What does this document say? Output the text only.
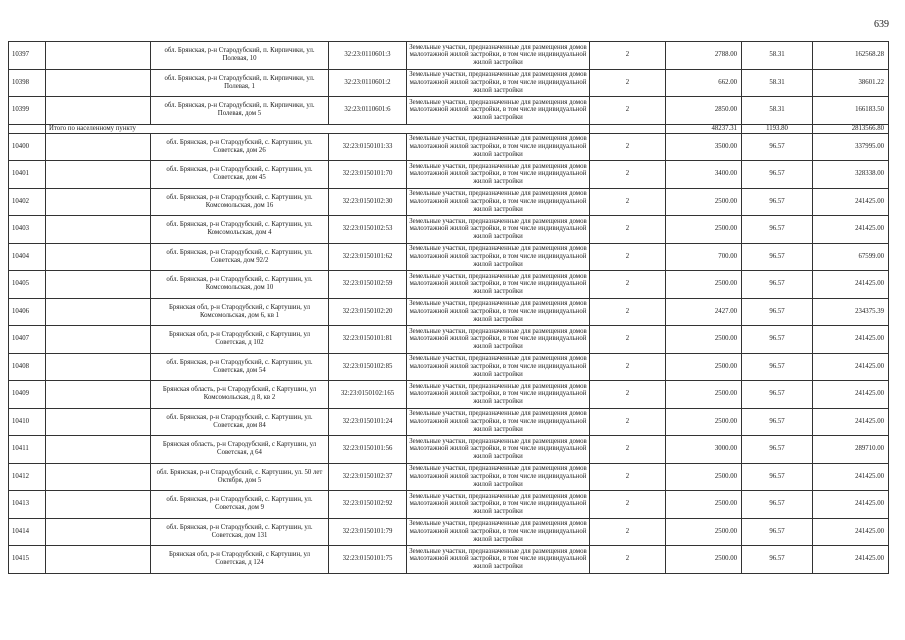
639
10397		обл. Брянская, р-н Стародубский, п. Кирпичики, ул. Полевая, 10	32:23:0110601:3	Земельные участки, предназначенные для размещения домов малоэтажной жилой застройки, в том числе индивидуальной жилой застройки	2	2788.00	58.31	162568.28
10398		обл. Брянская, р-н Стародубский, п. Кирпичики, ул. Полевая, 1	32:23:0110601:2	Земельные участки, предназначенные для размещения домов малоэтажной жилой застройки, в том числе индивидуальной жилой застройки	2	662.00	58.31	38601.22
10399		обл. Брянская, р-н Стародубский, п. Кирпичики, ул. Полевая, дом 5	32:23:0110601:6	Земельные участки, предназначенные для размещения домов малоэтажной жилой застройки, в том числе индивидуальной жилой застройки	2	2850.00	58.31	166183.50
	Итого по населенному пункту					48237.31	1193.80	2813566.80
10400		обл. Брянская, р-н Стародубский, с. Картушин, ул. Советская, дом 26	32:23:0150101:33	Земельные участки, предназначенные для размещения домов малоэтажной жилой застройки, в том числе индивидуальной жилой застройки	2	3500.00	96.57	337995.00
10401		обл. Брянская, р-н Стародубский, с. Картушин, ул. Советская, дом 45	32:23:0150101:70	Земельные участки, предназначенные для размещения домов малоэтажной жилой застройки, в том числе индивидуальной жилой застройки	2	3400.00	96.57	328338.00
10402		обл. Брянская, р-н Стародубский, с. Картушин, ул. Комсомольская, дом 16	32:23:0150102:30	Земельные участки, предназначенные для размещения домов малоэтажной жилой застройки, в том числе индивидуальной жилой застройки	2	2500.00	96.57	241425.00
10403		обл. Брянская, р-н Стародубский, с. Картушин, ул. Комсомольская, дом 4	32:23:0150102:53	Земельные участки, предназначенные для размещения домов малоэтажной жилой застройки, в том числе индивидуальной жилой застройки	2	2500.00	96.57	241425.00
10404		обл. Брянская, р-н Стародубский, с. Картушин, ул. Советская, дом 92/2	32:23:0150101:62	Земельные участки, предназначенные для размещения домов малоэтажной жилой застройки, в том числе индивидуальной жилой застройки	2	700.00	96.57	67599.00
10405		обл. Брянская, р-н Стародубский, с. Картушин, ул. Комсомольская, дом 10	32:23:0150102:59	Земельные участки, предназначенные для размещения домов малоэтажной жилой застройки, в том числе индивидуальной жилой застройки	2	2500.00	96.57	241425.00
10406		Брянская обл, р-н Стародубский, с Картушин, ул Комсомольская, дом 6, кв 1	32:23:0150102:20	Земельные участки, предназначенные для размещения домов малоэтажной жилой застройки, в том числе индивидуальной жилой застройки	2	2427.00	96.57	234375.39
10407		Брянская обл, р-н Стародубский, с Картушин, ул Советская, д 102	32:23:0150101:81	Земельные участки, предназначенные для размещения домов малоэтажной жилой застройки, в том числе индивидуальной жилой застройки	2	2500.00	96.57	241425.00
10408		обл. Брянская, р-н Стародубский, с. Картушин, ул. Советская, дом 54	32:23:0150102:85	Земельные участки, предназначенные для размещения домов малоэтажной жилой застройки, в том числе индивидуальной жилой застройки	2	2500.00	96.57	241425.00
10409		Брянская область, р-н Стародубский, с Картушин, ул Комсомольская, д 8, кв 2	32:23:0150102:165	Земельные участки, предназначенные для размещения домов малоэтажной жилой застройки, в том числе индивидуальной жилой застройки	2	2500.00	96.57	241425.00
10410		обл. Брянская, р-н Стародубский, с. Картушин, ул. Советская, дом 84	32:23:0150101:24	Земельные участки, предназначенные для размещения домов малоэтажной жилой застройки, в том числе индивидуальной жилой застройки	2	2500.00	96.57	241425.00
10411		Брянская область, р-н Стародубский, с Картушин, ул Советская, д 64	32:23:0150101:56	Земельные участки, предназначенные для размещения домов малоэтажной жилой застройки, в том числе индивидуальной жилой застройки	2	3000.00	96.57	289710.00
10412		обл. Брянская, р-н Стародубский, с. Картушин, ул. 50 лет Октября, дом 5	32:23:0150102:37	Земельные участки, предназначенные для размещения домов малоэтажной жилой застройки, в том числе индивидуальной жилой застройки	2	2500.00	96.57	241425.00
10413		обл. Брянская, р-н Стародубский, с. Картушин, ул. Советская, дом 9	32:23:0150102:92	Земельные участки, предназначенные для размещения домов малоэтажной жилой застройки, в том числе индивидуальной жилой застройки	2	2500.00	96.57	241425.00
10414		обл. Брянская, р-н Стародубский, с. Картушин, ул. Советская, дом 131	32:23:0150101:79	Земельные участки, предназначенные для размещения домов малоэтажной жилой застройки, в том числе индивидуальной жилой застройки	2	2500.00	96.57	241425.00
10415		Брянская обл, р-н Стародубский, с Картушин, ул Советская, д 124	32:23:0150101:75	Земельные участки, предназначенные для размещения домов малоэтажной жилой застройки, в том числе индивидуальной жилой застройки	2	2500.00	96.57	241425.00
